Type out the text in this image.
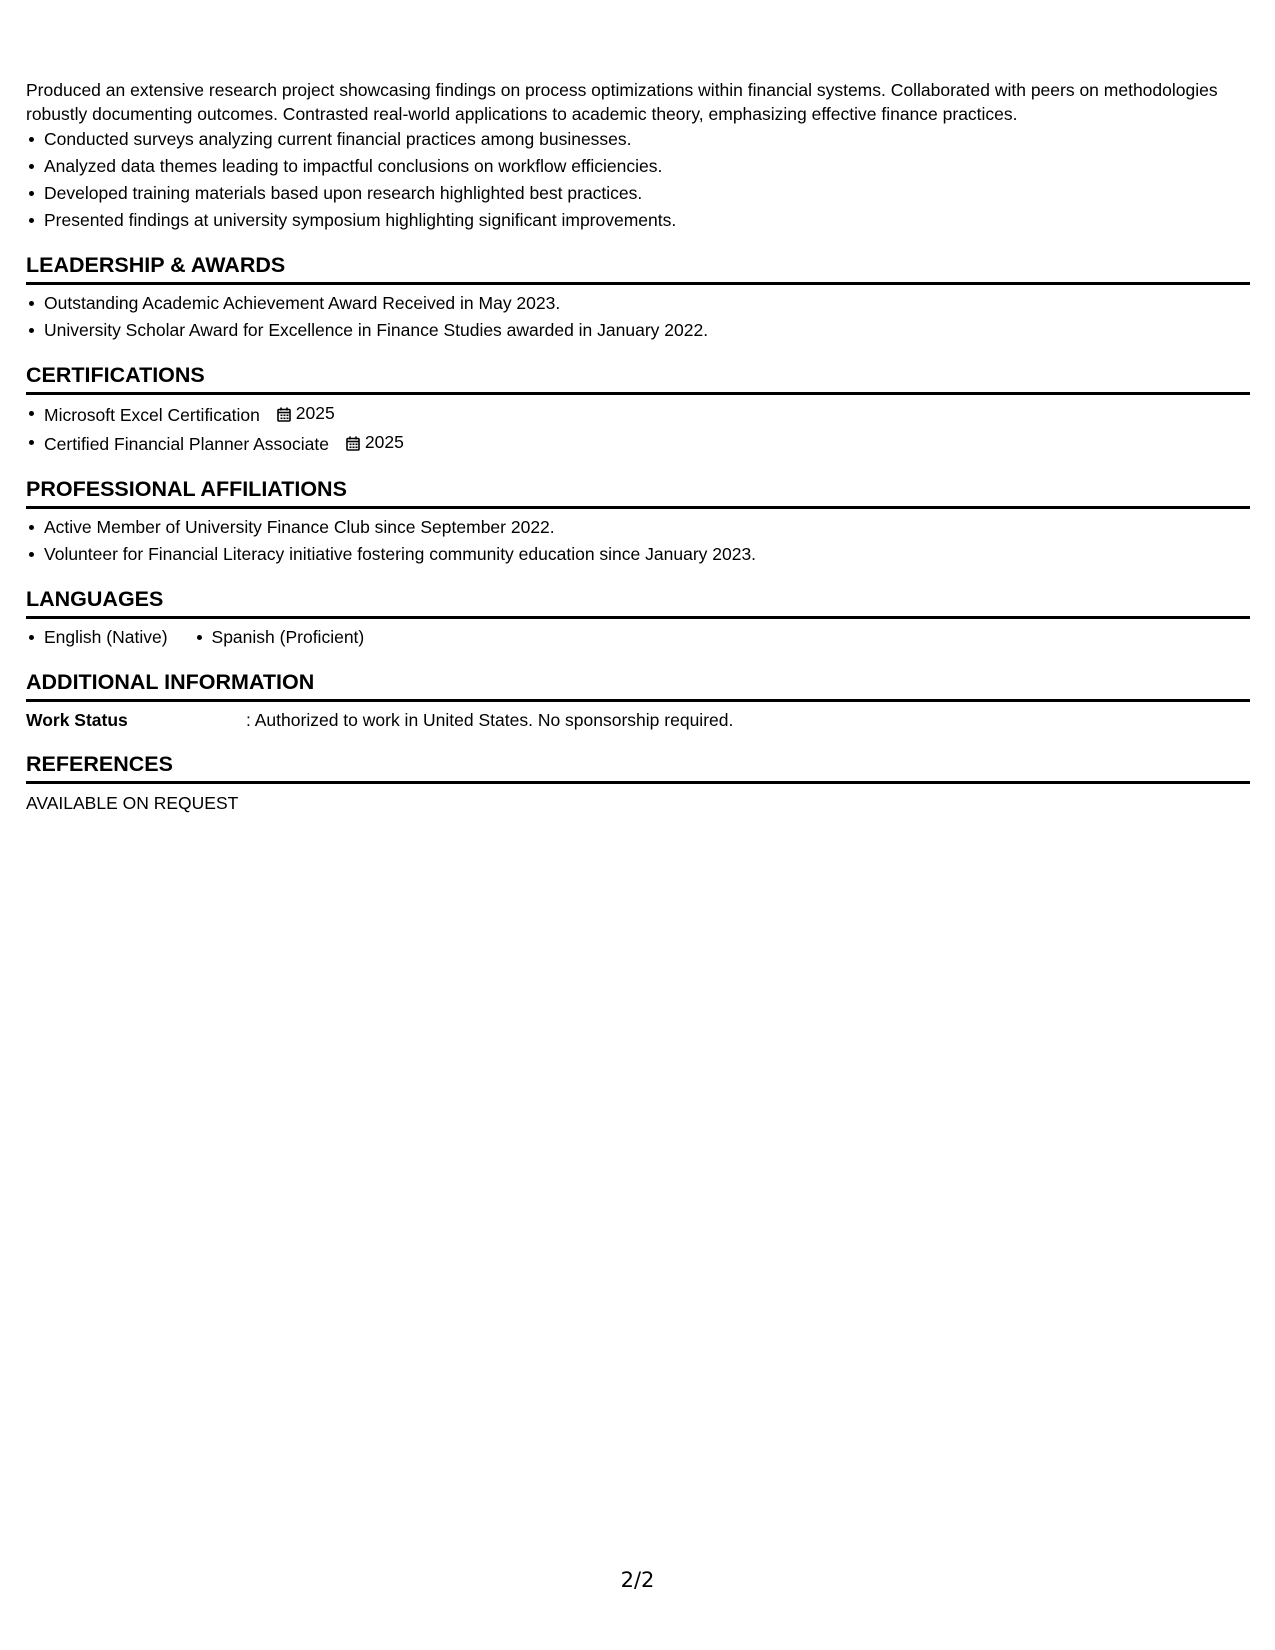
Produced an extensive research project showcasing findings on process optimizations within financial systems. Collaborated with peers on methodologies robustly documenting outcomes. Contrasted real-world applications to academic theory, emphasizing effective finance practices.

Conducted surveys analyzing current financial practices among businesses.
Analyzed data themes leading to impactful conclusions on workflow efficiencies.
Developed training materials based upon research highlighted best practices.
Presented findings at university symposium highlighting significant improvements.
LEADERSHIP & AWARDS
Outstanding Academic Achievement Award Received in May 2023.
University Scholar Award for Excellence in Finance Studies awarded in January 2022.
CERTIFICATIONS
Microsoft Excel Certification 2025
Certified Financial Planner Associate 2025
PROFESSIONAL AFFILIATIONS
Active Member of University Finance Club since September 2022.
Volunteer for Financial Literacy initiative fostering community education since January 2023.
LANGUAGES
English (Native)	Spanish (Proficient)
ADDITIONAL INFORMATION
Work Status	: Authorized to work in United States. No sponsorship required.
REFERENCES
AVAILABLE ON REQUEST
2/2
